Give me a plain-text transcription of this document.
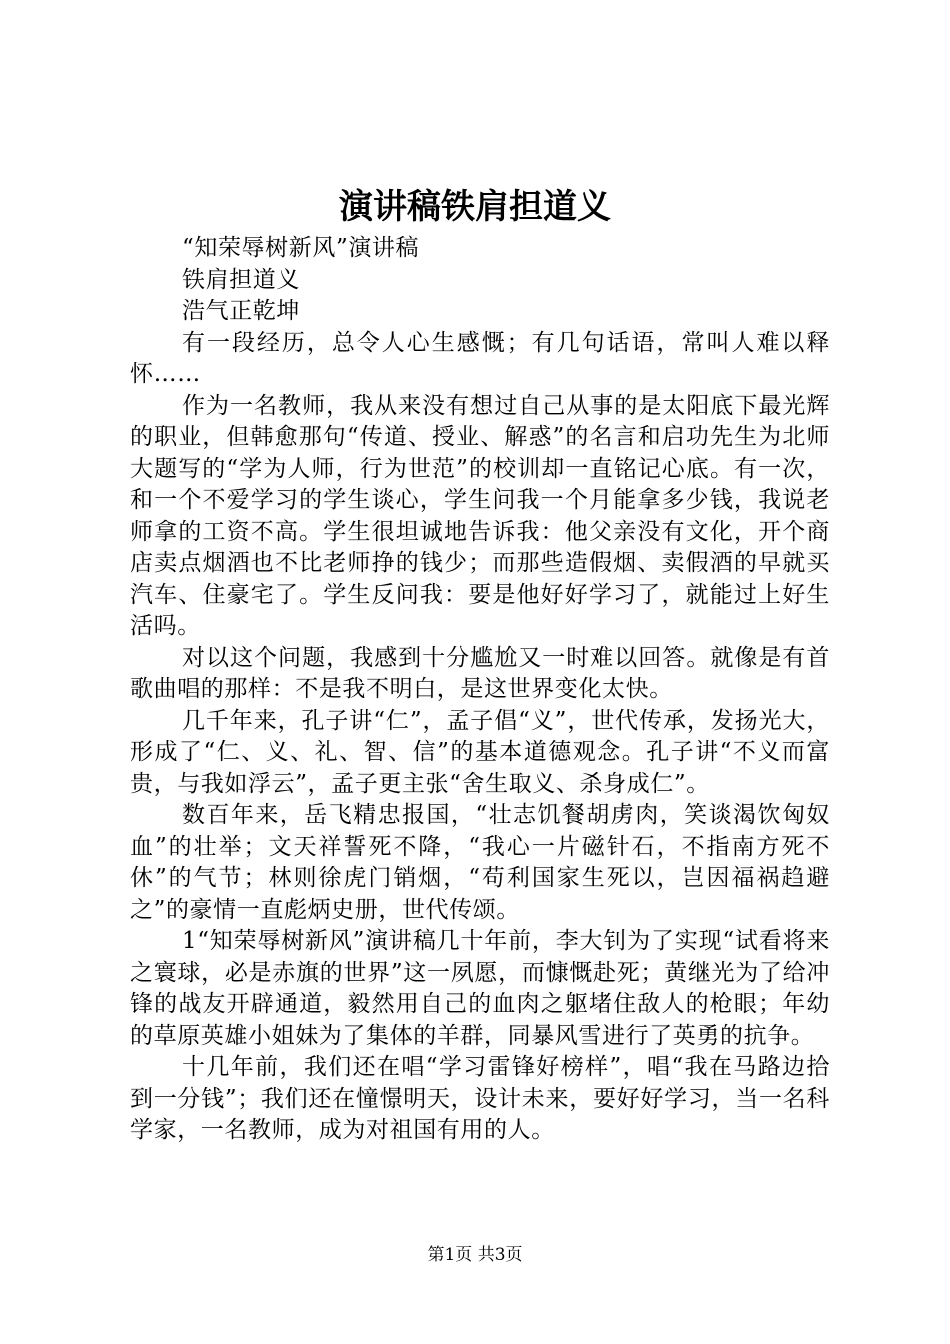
演讲稿铁肩担道义

“知荣辱树新风”演讲稿

铁肩担道义

浩气正乾坤

有一段经历，总令人心生感慨；有几句话语，常叫人难以释怀……

作为一名教师，我从来没有想过自己从事的是太阳底下最光辉的职业，但韩愈那句“传道、授业、解惑”的名言和启功先生为北师大题写的“学为人师，行为世范”的校训却一直铭记心底。有一次，和一个不爱学习的学生谈心，学生问我一个月能拿多少钱，我说老师拿的工资不高。学生很坦诚地告诉我：他父亲没有文化，开个商店卖点烟酒也不比老师挣的钱少；而那些造假烟、卖假酒的早就买汽车、住豪宅了。学生反问我：要是他好好学习了，就能过上好生活吗。

对以这个问题，我感到十分尴尬又一时难以回答。就像是有首歌曲唱的那样：不是我不明白，是这世界变化太快。

几千年来，孔子讲“仁”，孟子倡“义”，世代传承，发扬光大，形成了“仁、义、礼、智、信”的基本道德观念。孔子讲“不义而富贵，与我如浮云”，孟子更主张“舍生取义、杀身成仁”。

数百年来，岳飞精忠报国，“壮志饥餐胡虏肉，笑谈渴饮匈奴血”的壮举；文天祥誓死不降，“我心一片磁针石，不指南方死不休”的气节；林则徐虎门销烟，“苟利国家生死以，岂因福祸趋避之”的豪情一直彪炳史册，世代传颂。

1“知荣辱树新风”演讲稿几十年前，李大钊为了实现“试看将来之寰球，必是赤旗的世界”这一夙愿，而慷慨赴死；黄继光为了给冲锋的战友开辟通道，毅然用自己的血肉之躯堵住敌人的枪眼；年幼的草原英雄小姐妹为了集体的羊群，同暴风雪进行了英勇的抗争。

十几年前，我们还在唱“学习雷锋好榜样”，唱“我在马路边拾到一分钱”；我们还在憧憬明天，设计未来，要好好学习，当一名科学家，一名教师，成为对祖国有用的人。

第1页 共3页
